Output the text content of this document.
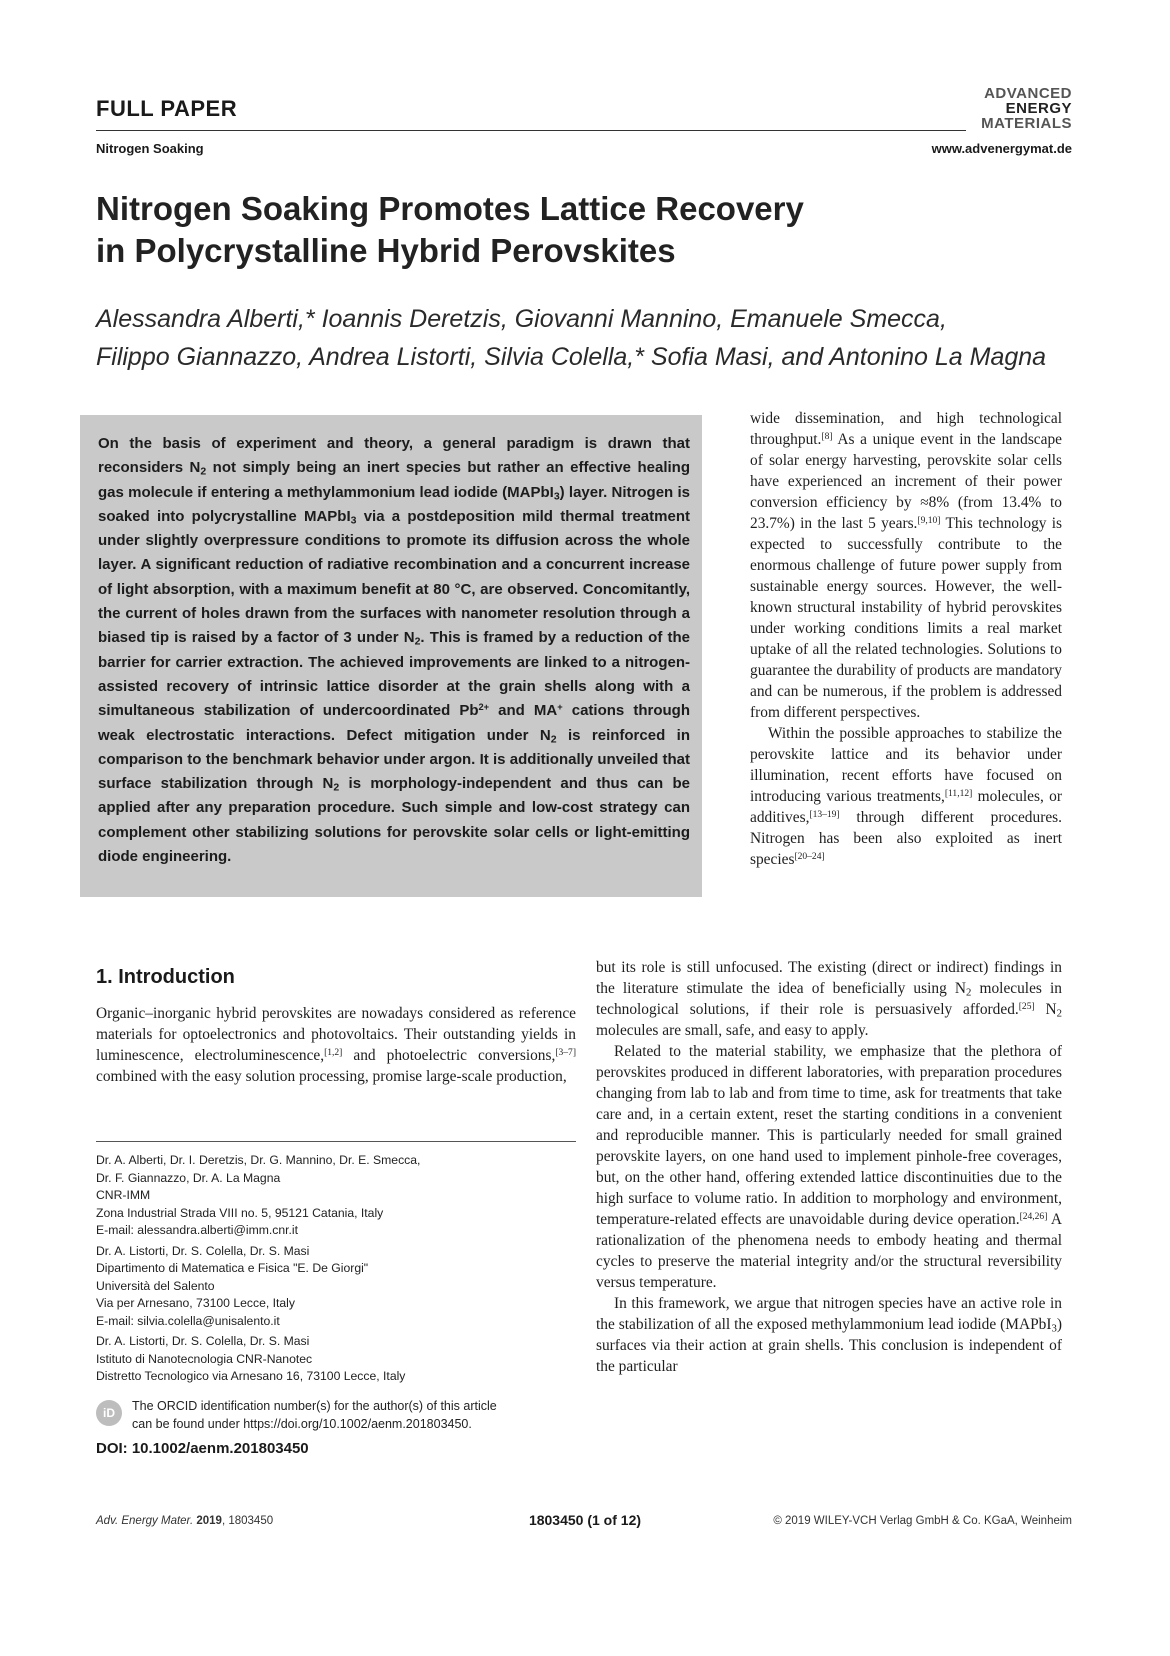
FULL PAPER
Nitrogen Soaking
ADVANCED
ENERGY
MATERIALS
www.advenergymat.de
Nitrogen Soaking Promotes Lattice Recovery
in Polycrystalline Hybrid Perovskites
Alessandra Alberti,* Ioannis Deretzis, Giovanni Mannino, Emanuele Smecca,
Filippo Giannazzo, Andrea Listorti, Silvia Colella,* Sofia Masi, and Antonino La Magna
On the basis of experiment and theory, a general paradigm is drawn that reconsiders $N_2$ not simply being an inert species but rather an effective healing gas molecule if entering a methylammonium lead iodide (MAPbI$_3$) layer. Nitrogen is soaked into polycrystalline MAPbI$_3$ via a postdeposition mild thermal treatment under slightly overpressure conditions to promote its diffusion across the whole layer. A significant reduction of radiative recombination and a concurrent increase of light absorption, with a maximum benefit at 80 °C, are observed. Concomitantly, the current of holes drawn from the surfaces with nanometer resolution through a biased tip is raised by a factor of 3 under $N_2$. This is framed by a reduction of the barrier for carrier extraction. The achieved improvements are linked to a nitrogen-assisted recovery of intrinsic lattice disorder at the grain shells along with a simultaneous stabilization of undercoordinated $Pb^{2+}$ and MA+ cations through weak electrostatic interactions. Defect mitigation under $N_2$ is reinforced in comparison to the benchmark behavior under argon. It is additionally unveiled that surface stabilization through $N_2$ is morphology-independent and thus can be applied after any preparation procedure. Such simple and low-cost strategy can complement other stabilizing solutions for perovskite solar cells or light-emitting diode engineering.

wide dissemination, and high technological throughput.[8] As a unique event in the landscape of solar energy harvesting, perovskite solar cells have experienced an increment of their power conversion efficiency by ≈8% (from 13.4% to 23.7%) in the last 5 years.[9,10] This technology is expected to successfully contribute to the enormous challenge of future power supply from sustainable energy sources. However, the well-known structural instability of hybrid perovskites under working conditions limits a real market uptake of all the related technologies. Solutions to guarantee the durability of products are mandatory and can be numerous, if the problem is addressed from different perspectives.

Within the possible approaches to stabilize the perovskite lattice and its behavior under illumination, recent efforts have focused on introducing various treatments,[11,12] molecules, or additives,[13–19] through different procedures. Nitrogen has been also exploited as inert species[20–24]

but its role is still unfocused. The existing (direct or indirect) findings in the literature stimulate the idea of beneficially using $N_2$ molecules in technological solutions, if their role is persuasively afforded.[25] $N_2$ molecules are small, safe, and easy to apply.

Related to the material stability, we emphasize that the plethora of perovskites produced in different laboratories, with preparation procedures changing from lab to lab and from time to time, ask for treatments that take care and, in a certain extent, reset the starting conditions in a convenient and reproducible manner. This is particularly needed for small grained perovskite layers, on one hand used to implement pinhole-free coverages, but, on the other hand, offering extended lattice discontinuities due to the high surface to volume ratio. In addition to morphology and environment, temperature-related effects are unavoidable during device operation.[24,26] A rationalization of the phenomena needs to embody heating and thermal cycles to preserve the material integrity and/or the structural reversibility versus temperature.

In this framework, we argue that nitrogen species have an active role in the stabilization of all the exposed methylammonium lead iodide (MAPbI$_3$) surfaces via their action at grain shells. This conclusion is independent of the particular

1. Introduction

Organic–inorganic hybrid perovskites are nowadays considered as reference materials for optoelectronics and photovoltaics. Their outstanding yields in luminescence, electroluminescence,[1,2] and photoelectric conversions,[3–7] combined with the easy solution processing, promise large-scale production,

Dr. A. Alberti, Dr. I. Deretzis, Dr. G. Mannino, Dr. E. Smecca,
Dr. F. Giannazzo, Dr. A. La Magna
CNR-IMM
Zona Industrial Strada VIII no. 5, 95121 Catania, Italy
E-mail: alessandra.alberti@imm.cnr.it
Dr. A. Listorti, Dr. S. Colella, Dr. S. Masi
Dipartimento di Matematica e Fisica "E. De Giorgi"
Università del Salento
Via per Arnesano, 73100 Lecce, Italy
E-mail: silvia.colella@unisalento.it
Dr. A. Listorti, Dr. S. Colella, Dr. S. Masi
Istituto di Nanotecnologia CNR-Nanotec
Distretto Tecnologico via Arnesano 16, 73100 Lecce, Italy
iD	The ORCID identification number(s) for the author(s) of this article
can be found under https://doi.org/10.1002/aenm.201803450.
DOI: 10.1002/aenm.201803450
Adv. Energy Mater. 2019, 1803450	1803450 (1 of 12)	© 2019 WILEY-VCH Verlag GmbH & Co. KGaA, Weinheim
